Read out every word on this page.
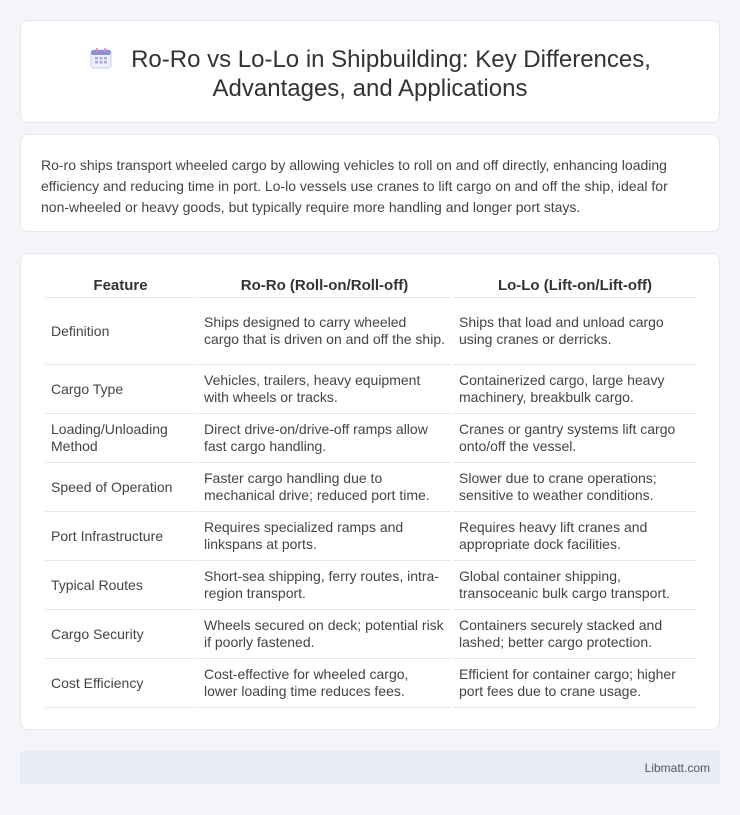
Ro-Ro vs Lo-Lo in Shipbuilding: Key Differences,
Advantages, and Applications

Ro-ro ships transport wheeled cargo by allowing vehicles to roll on and off directly, enhancing loading efficiency and reducing time in port. Lo-lo vessels use cranes to lift cargo on and off the ship, ideal for non-wheeled or heavy goods, but typically require more handling and longer port stays.

Feature	Ro-Ro (Roll-on/Roll-off)	Lo-Lo (Lift-on/Lift-off)
Definition	Ships designed to carry wheeled cargo that is driven on and off the ship.	Ships that load and unload cargo using cranes or derricks.
Cargo Type	Vehicles, trailers, heavy equipment with wheels or tracks.	Containerized cargo, large heavy machinery, breakbulk cargo.
Loading/Unloading Method	Direct drive-on/drive-off ramps allow fast cargo handling.	Cranes or gantry systems lift cargo onto/off the vessel.
Speed of Operation	Faster cargo handling due to mechanical drive; reduced port time.	Slower due to crane operations; sensitive to weather conditions.
Port Infrastructure	Requires specialized ramps and linkspans at ports.	Requires heavy lift cranes and appropriate dock facilities.
Typical Routes	Short-sea shipping, ferry routes, intra-region transport.	Global container shipping, transoceanic bulk cargo transport.
Cargo Security	Wheels secured on deck; potential risk if poorly fastened.	Containers securely stacked and lashed; better cargo protection.
Cost Efficiency	Cost-effective for wheeled cargo, lower loading time reduces fees.	Efficient for container cargo; higher port fees due to crane usage.
Libmatt.com
